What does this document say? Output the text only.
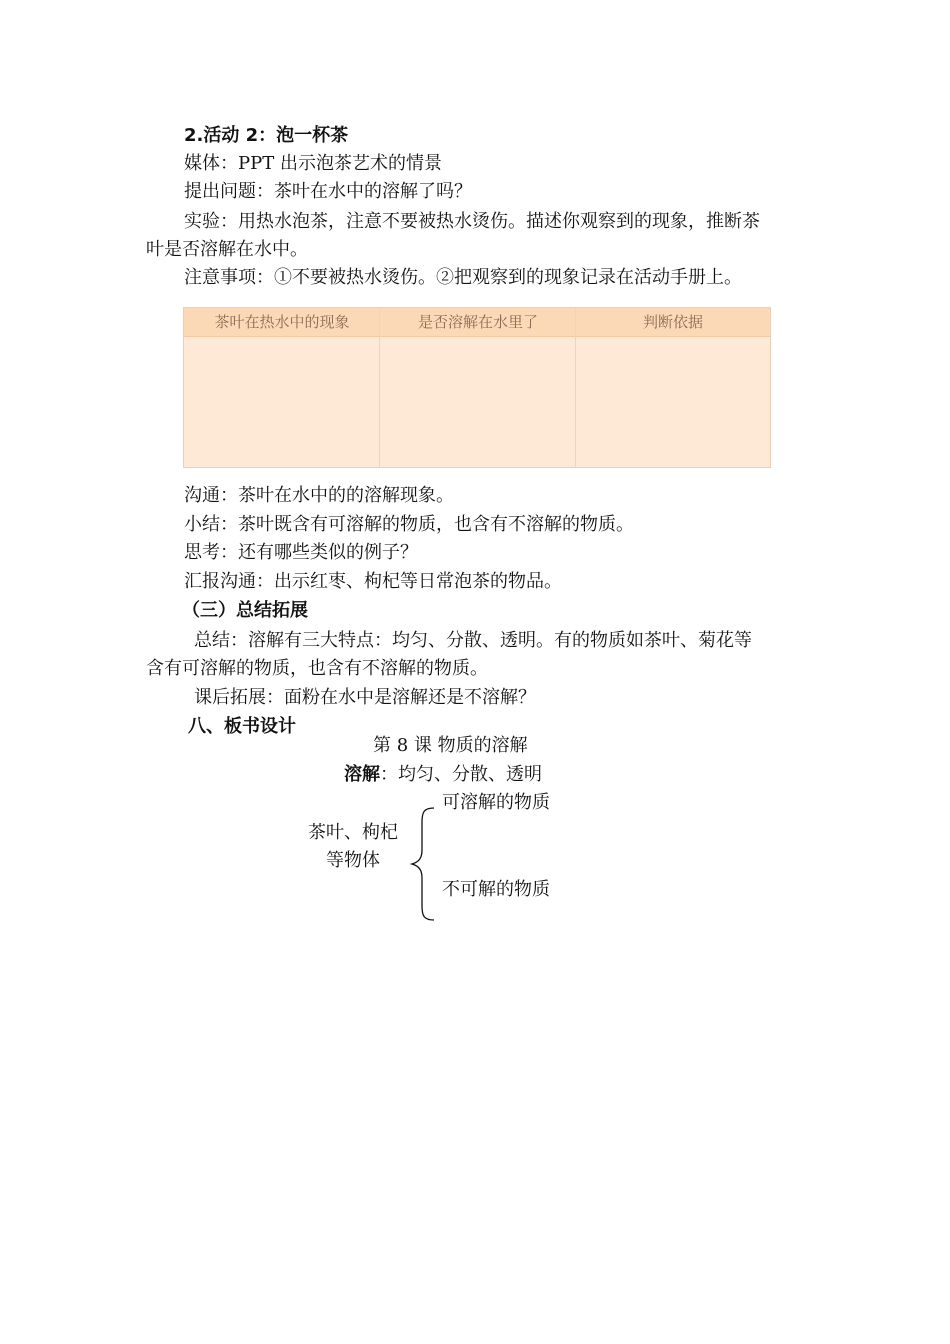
2.活动 2：泡一杯茶
媒体：PPT 出示泡茶艺术的情景
提出问题：茶叶在水中的溶解了吗？
实验：用热水泡茶，注意不要被热水烫伤。描述你观察到的现象，推断茶
叶是否溶解在水中。
注意事项：①不要被热水烫伤。②把观察到的现象记录在活动手册上。
茶叶在热水中的现象	是否溶解在水里了	判断依据
沟通：茶叶在水中的的溶解现象。
小结：茶叶既含有可溶解的物质，也含有不溶解的物质。
思考：还有哪些类似的例子？
汇报沟通：出示红枣、枸杞等日常泡茶的物品。
（三）总结拓展
总结：溶解有三大特点：均匀、分散、透明。有的物质如茶叶、菊花等
含有可溶解的物质，也含有不溶解的物质。
课后拓展：面粉在水中是溶解还是不溶解？
八、板书设计
第 8 课 物质的溶解
溶解：均匀、分散、透明
可溶解的物质
茶叶、枸杞
等物体
不可解的物质
